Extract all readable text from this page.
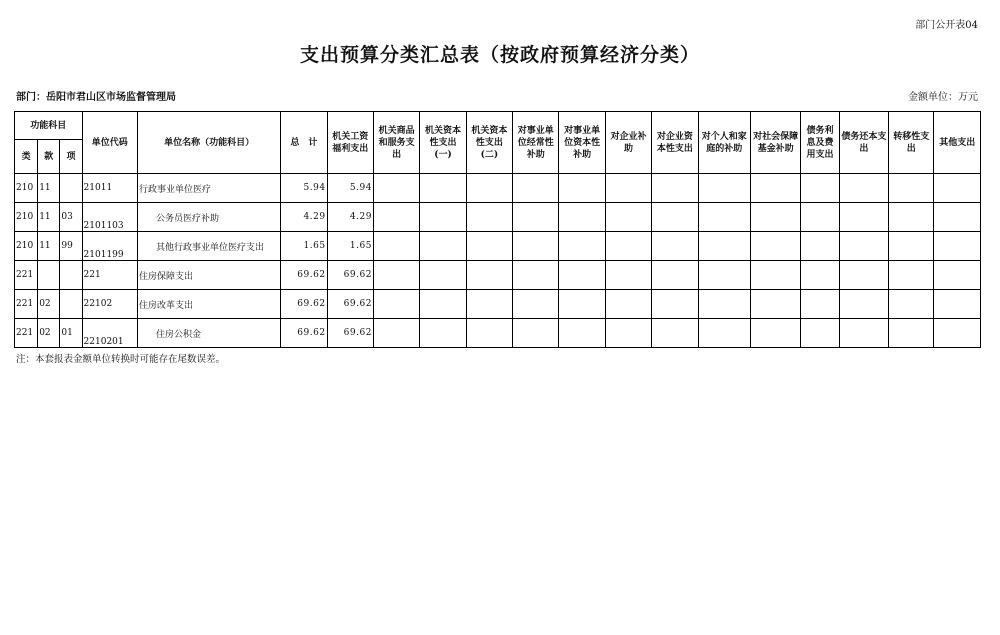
部门公开表04
支出预算分类汇总表（按政府预算经济分类）
部门：岳阳市君山区市场监督管理局	金额单位：万元
功能科目			单位代码	单位名称（功能科目）	总　计	机关工资福利支出	机关商品和服务支出	机关资本性支出(一)	机关资本性支出(二)	对事业单位经常性补助	对事业单位资本性补助	对企业补助	对企业资本性支出	对个人和家庭的补助	对社会保障基金补助	债务利息及费用支出	债务还本支出	转移性支出	其他支出
类	款	项																	
210	11		21011	行政事业单位医疗	5.94	5.94													
210	11	03	2101103	公务员医疗补助	4.29	4.29													
210	11	99	2101199	其他行政事业单位医疗支出	1.65	1.65													
221			221	住房保障支出	69.62	69.62													
221	02		22102	住房改革支出	69.62	69.62													
221	02	01	2210201	住房公积金	69.62	69.62													
注：本套报表金额单位转换时可能存在尾数误差。
